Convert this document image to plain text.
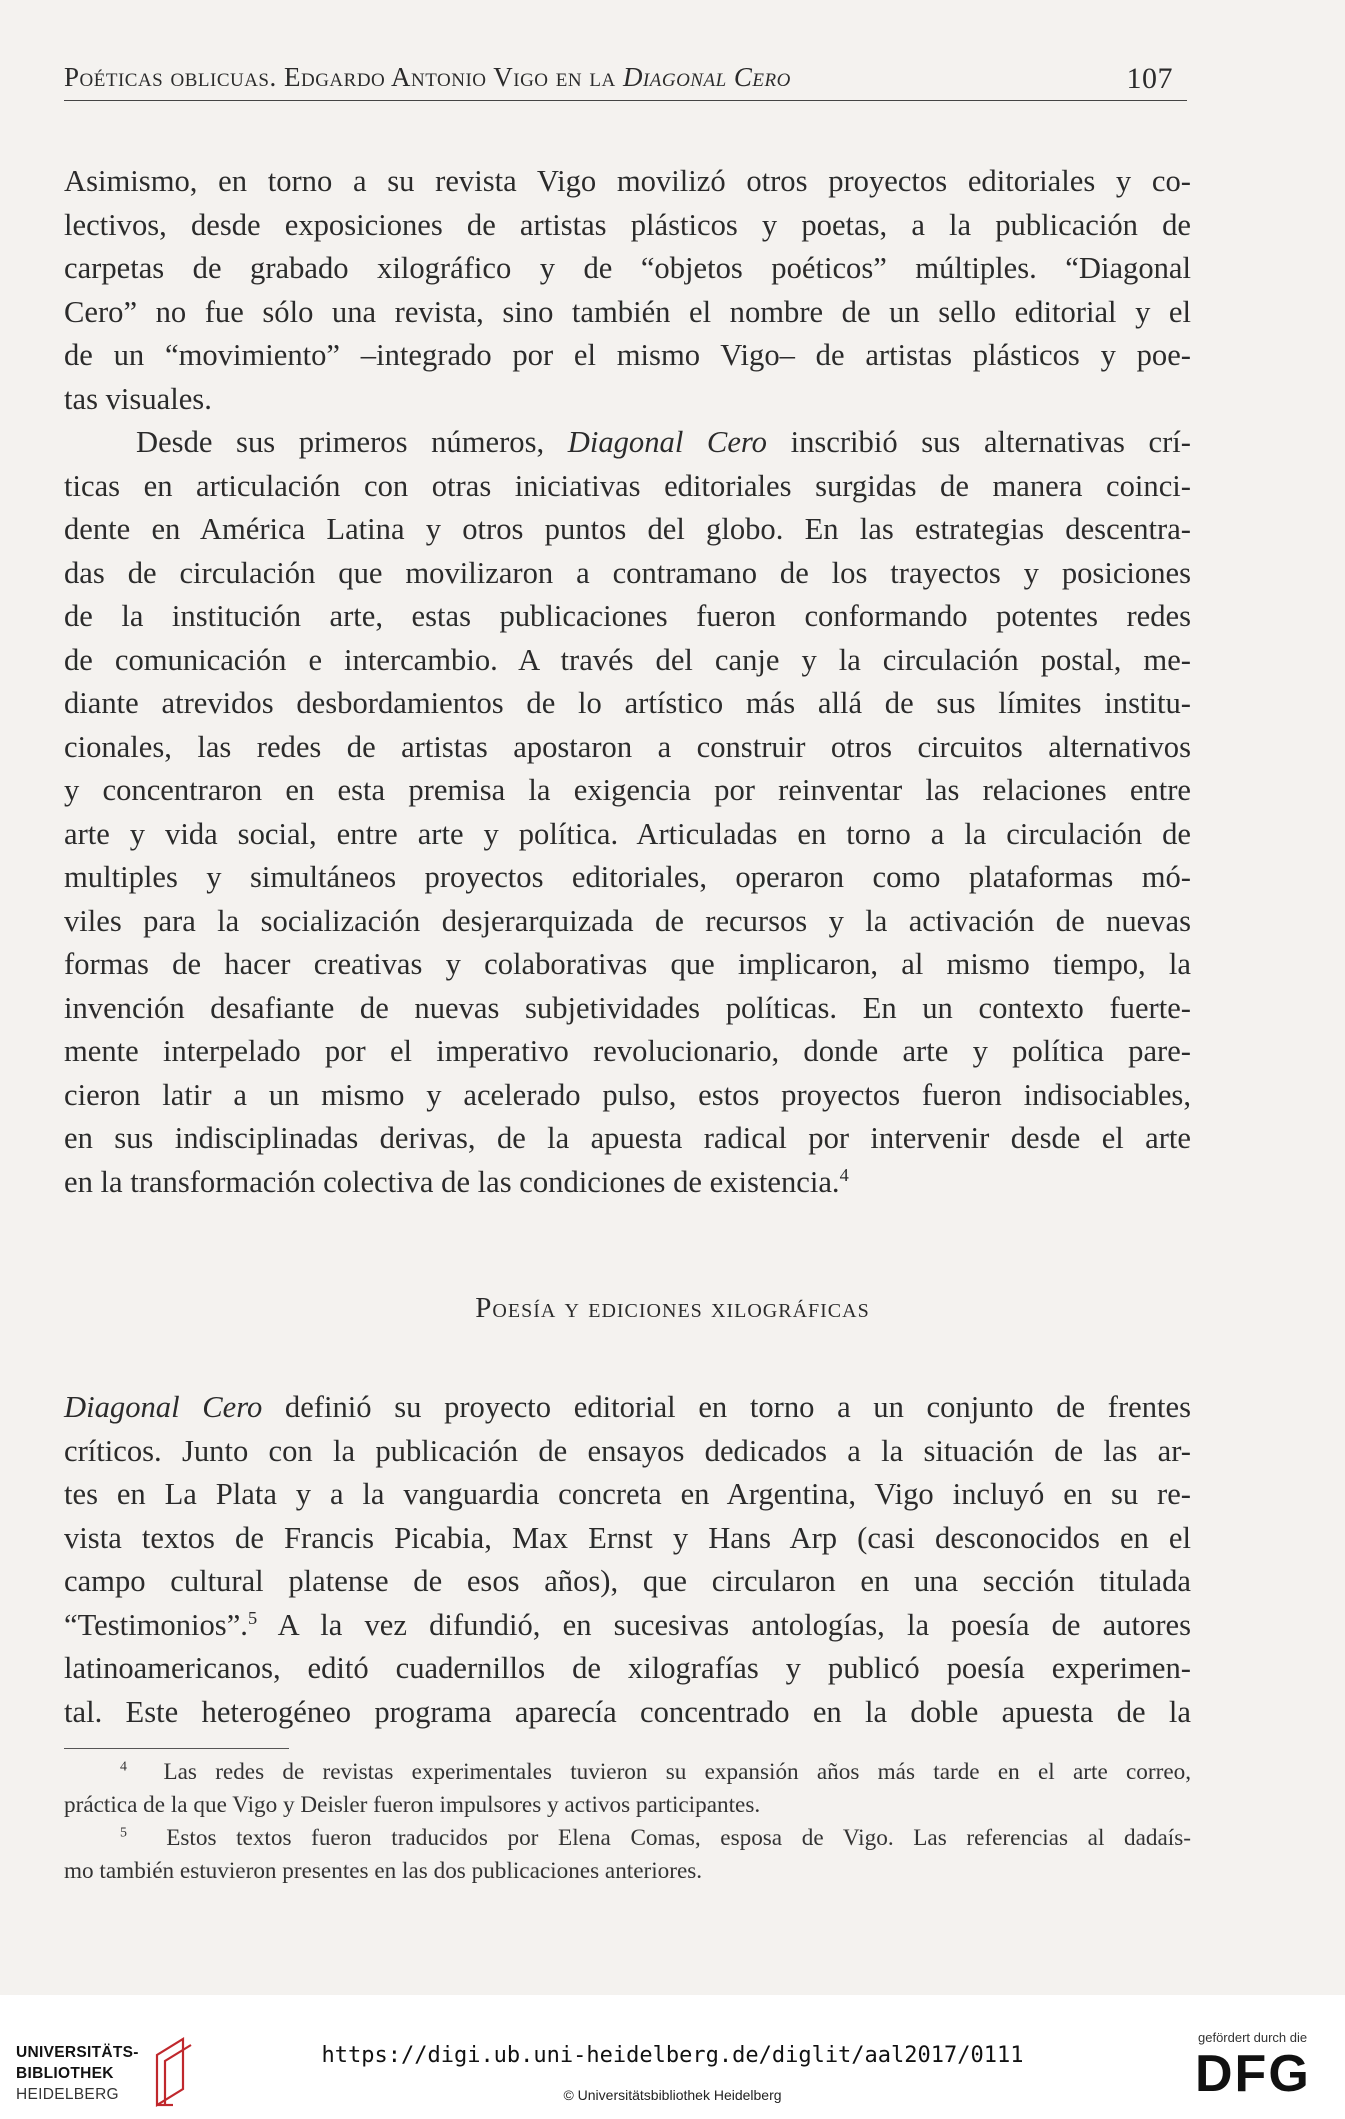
Poéticas oblicuas. Edgardo Antonio Vigo en la Diagonal Cero	107

Asimismo, en torno a su revista Vigo movilizó otros proyectos editoriales y co-
lectivos, desde exposiciones de artistas plásticos y poetas, a la publicación de
carpetas de grabado xilográfico y de “objetos poéticos” múltiples. “Diagonal
Cero” no fue sólo una revista, sino también el nombre de un sello editorial y el
de un “movimiento” –integrado por el mismo Vigo– de artistas plásticos y poe-
tas visuales.

Desde sus primeros números, Diagonal Cero inscribió sus alternativas crí-
ticas en articulación con otras iniciativas editoriales surgidas de manera coinci-
dente en América Latina y otros puntos del globo. En las estrategias descentra-
das de circulación que movilizaron a contramano de los trayectos y posiciones
de la institución arte, estas publicaciones fueron conformando potentes redes
de comunicación e intercambio. A través del canje y la circulación postal, me-
diante atrevidos desbordamientos de lo artístico más allá de sus límites institu-
cionales, las redes de artistas apostaron a construir otros circuitos alternativos
y concentraron en esta premisa la exigencia por reinventar las relaciones entre
arte y vida social, entre arte y política. Articuladas en torno a la circulación de
multiples y simultáneos proyectos editoriales, operaron como plataformas mó-
viles para la socialización desjerarquizada de recursos y la activación de nuevas
formas de hacer creativas y colaborativas que implicaron, al mismo tiempo, la
invención desafiante de nuevas subjetividades políticas. En un contexto fuerte-
mente interpelado por el imperativo revolucionario, donde arte y política pare-
cieron latir a un mismo y acelerado pulso, estos proyectos fueron indisociables,
en sus indisciplinadas derivas, de la apuesta radical por intervenir desde el arte
en la transformación colectiva de las condiciones de existencia.$^4$

Poesía y ediciones xilográficas

Diagonal Cero definió su proyecto editorial en torno a un conjunto de frentes
críticos. Junto con la publicación de ensayos dedicados a la situación de las ar-
tes en La Plata y a la vanguardia concreta en Argentina, Vigo incluyó en su re-
vista textos de Francis Picabia, Max Ernst y Hans Arp (casi desconocidos en el
campo cultural platense de esos años), que circularon en una sección titulada
“Testimonios”.$^5$ A la vez difundió, en sucesivas antologías, la poesía de autores
latinoamericanos, editó cuadernillos de xilografías y publicó poesía experimen-
tal. Este heterogéneo programa aparecía concentrado en la doble apuesta de la

$^4$ Las redes de revistas experimentales tuvieron su expansión años más tarde en el arte correo,
práctica de la que Vigo y Deisler fueron impulsores y activos participantes.
$^5$ Estos textos fueron traducidos por Elena Comas, esposa de Vigo. Las referencias al dadaís-
mo también estuvieron presentes en las dos publicaciones anteriores.
UNIVERSITÄTS-
BIBLIOTHEK
HEIDELBERG
https://digi.ub.uni-heidelberg.de/diglit/aal2017/0111
© Universitätsbibliothek Heidelberg
gefördert durch die
DFG
